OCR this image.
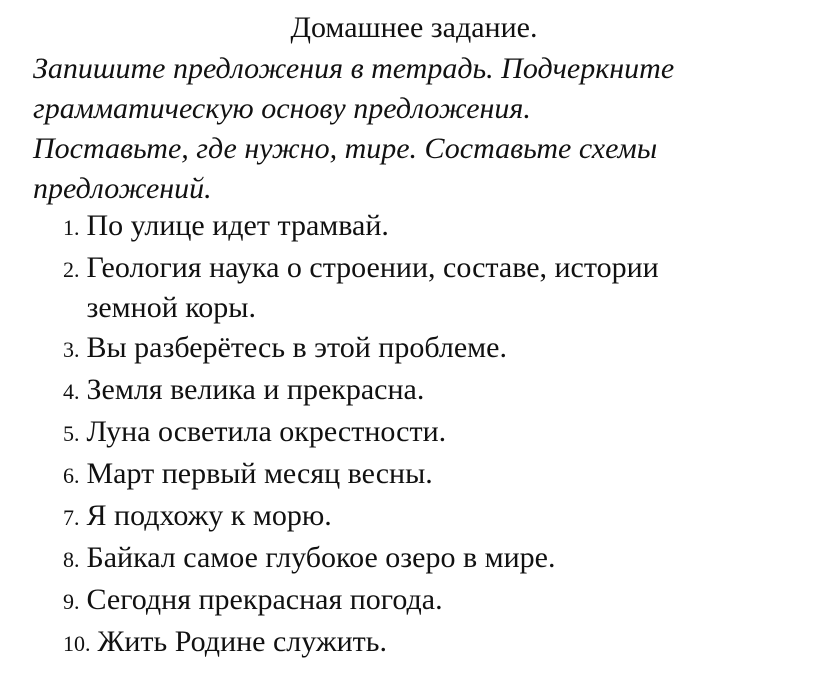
Домашнее задание.

Запишите предложения в тетрадь. Подчеркните
грамматическую основу предложения.
Поставьте, где нужно, тире. Составьте схемы
предложений.

1. По улице идет трамвай.
2. Геология наука о строении, составе, истории
земной коры.
3. Вы разберётесь в этой проблеме.
4. Земля велика и прекрасна.
5. Луна осветила окрестности.
6. Март первый месяц весны.
7. Я подхожу к морю.
8. Байкал самое глубокое озеро в мире.
9. Сегодня прекрасная погода.
10. Жить Родине служить.
